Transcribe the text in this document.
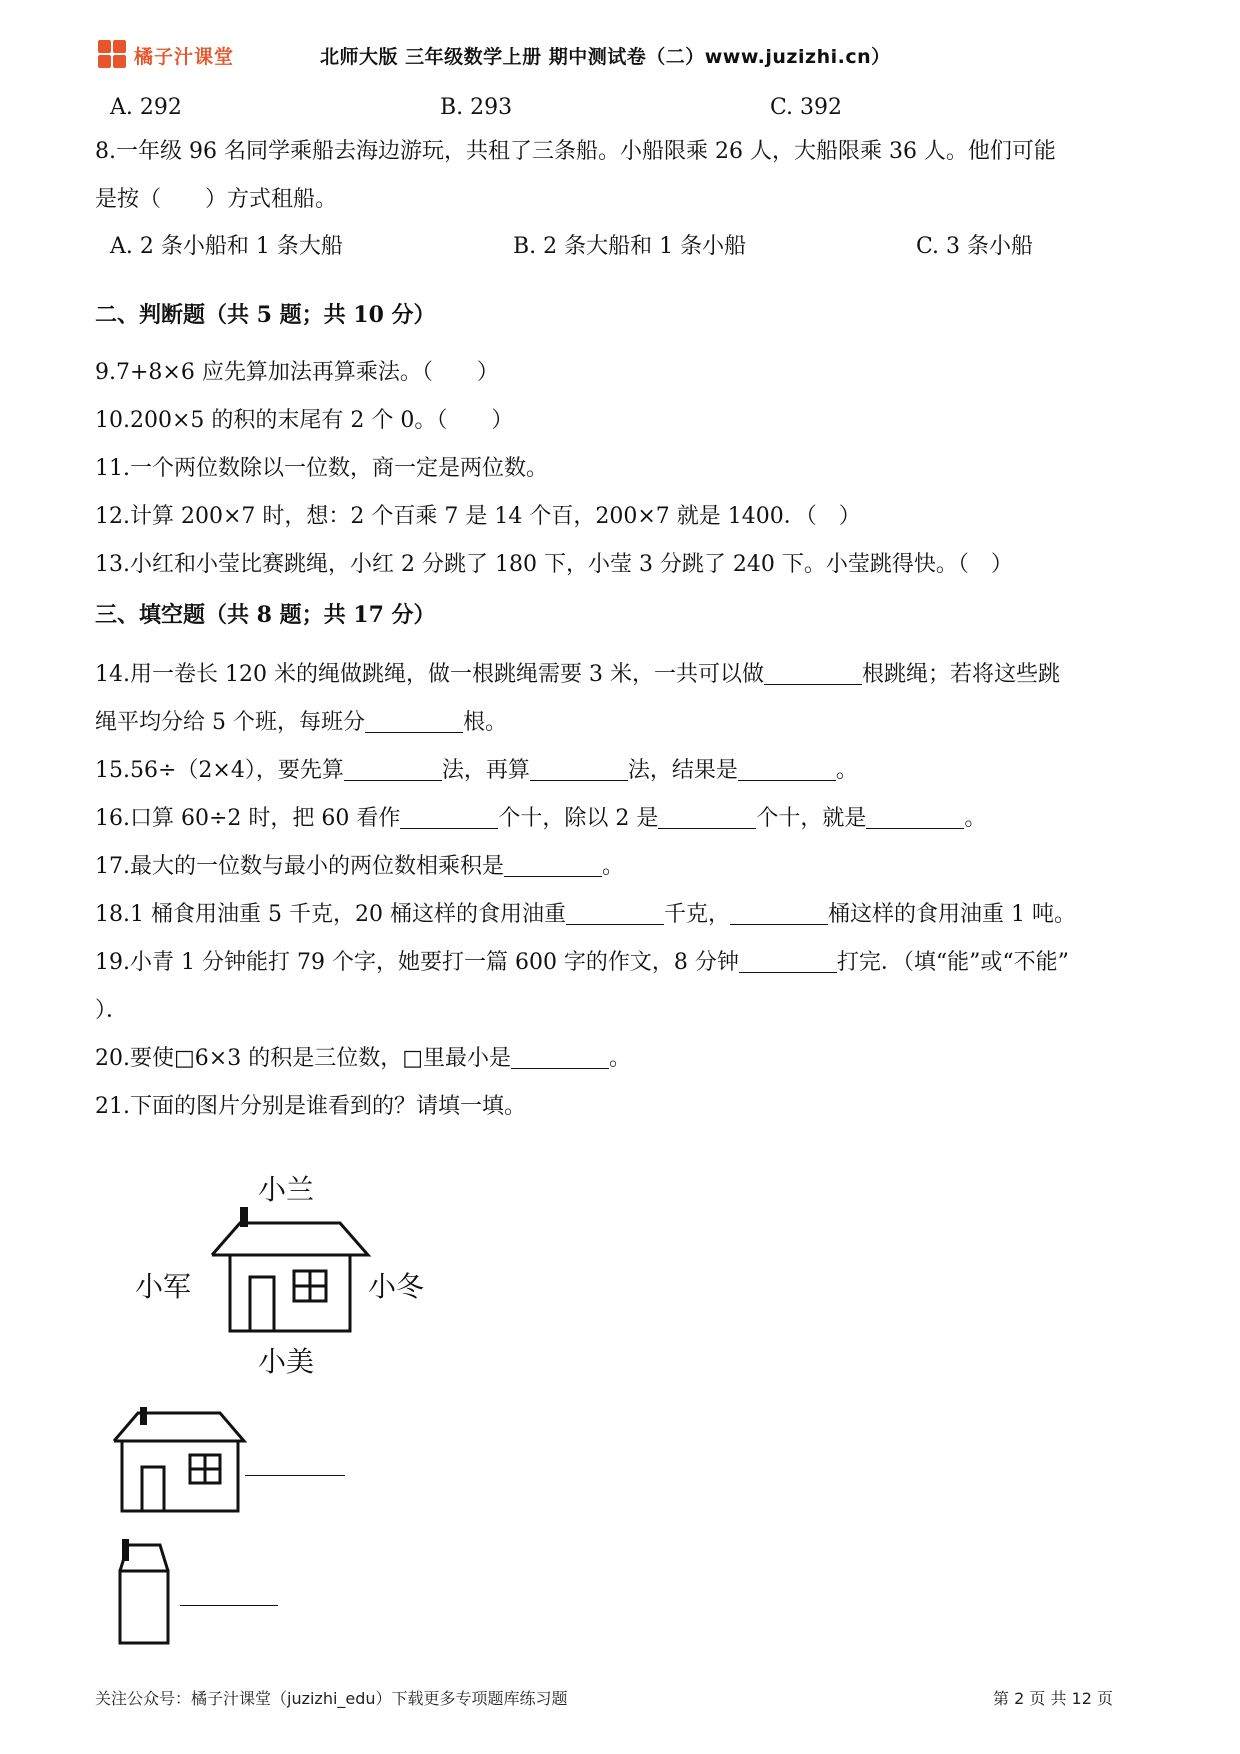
橘子汁课堂	北师大版 三年级数学上册 期中测试卷（二）www.juzizhi.cn）
A. 292	B. 293	C. 392
8.一年级 96 名同学乘船去海边游玩，共租了三条船。小船限乘 26 人，大船限乘 36 人。他们可能
是按（　　）方式租船。
A. 2 条小船和 1 条大船	B. 2 条大船和 1 条小船	C. 3 条小船
二、判断题（共 5 题；共 10 分）
9.7+8×6 应先算加法再算乘法。（　　）
10.200×5 的积的末尾有 2 个 0。（　　）
11.一个两位数除以一位数，商一定是两位数。
12.计算 200×7 时，想：2 个百乘 7 是 14 个百，200×7 就是 1400．（　）
13.小红和小莹比赛跳绳，小红 2 分跳了 180 下，小莹 3 分跳了 240 下。小莹跳得快。（　）
三、填空题（共 8 题；共 17 分）
14.用一卷长 120 米的绳做跳绳，做一根跳绳需要 3 米，一共可以做	根跳绳；若将这些跳
绳平均分给 5 个班，每班分	根。
15.56÷（2×4），要先算	法，再算	法，结果是	。
16.口算 60÷2 时，把 60 看作	个十，除以 2 是	个十，就是	。
17.最大的一位数与最小的两位数相乘积是	。
18.1 桶食用油重 5 千克，20 桶这样的食用油重	千克，	桶这样的食用油重 1 吨。
19.小青 1 分钟能打 79 个字，她要打一篇 600 字的作文，8 分钟	打完．（填“能”或“不能”
）．
20.要使□6×3 的积是三位数，□里最小是	。
21.下面的图片分别是谁看到的？请填一填。
小兰
小军	小冬
小美
关注公众号：橘子汁课堂（juzizhi_edu）下载更多专项题库练习题	第 2 页 共 12 页
